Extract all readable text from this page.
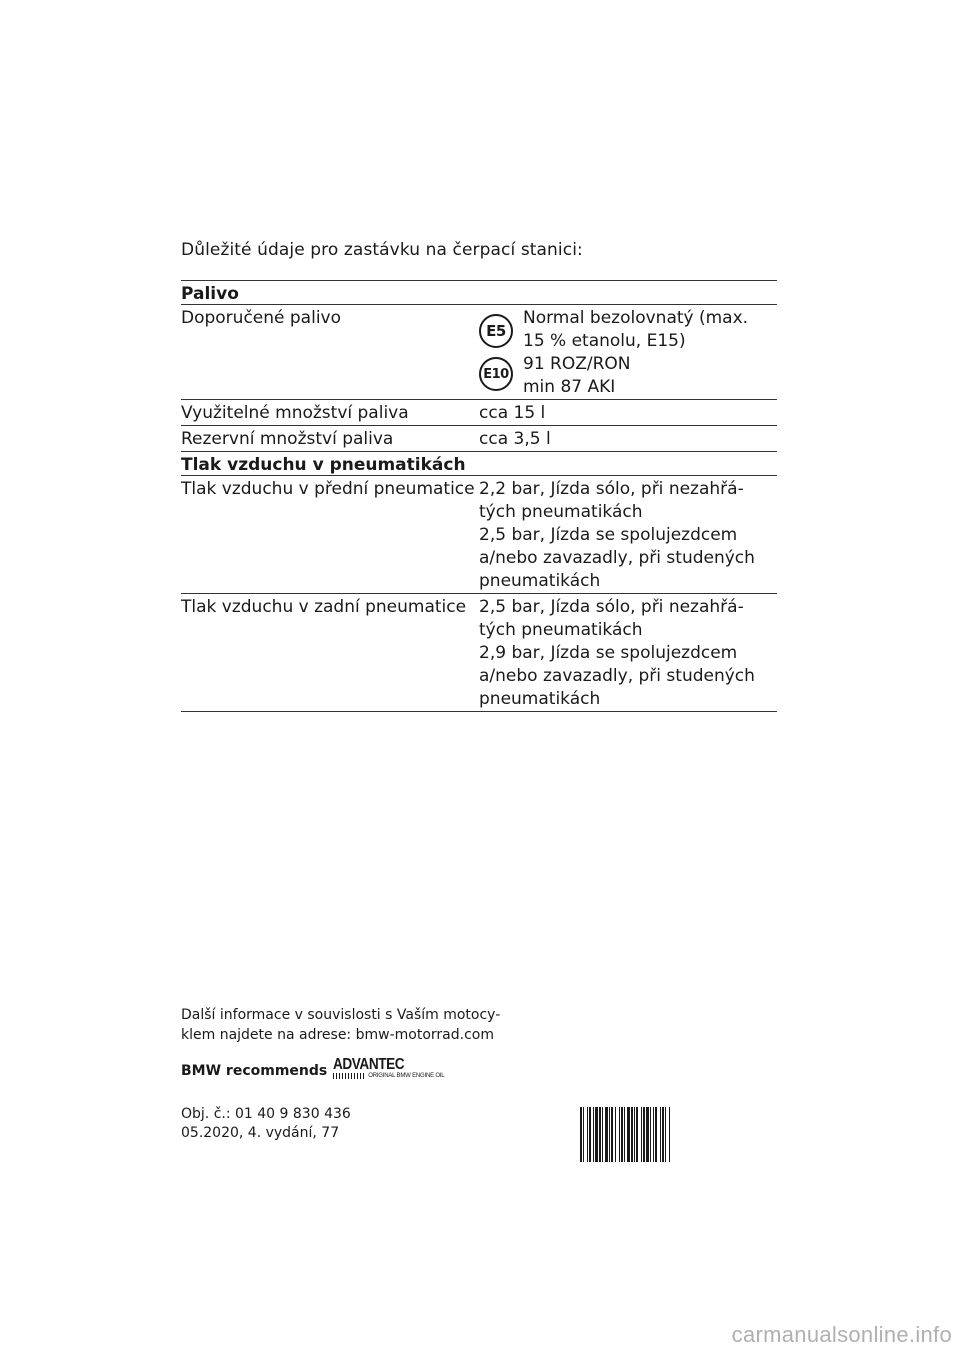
Důležité údaje pro zastávku na čerpací stanici:
Palivo
Doporučené palivo
E5
E10
Normal bezolovnatý (max.
15 % etanolu, E15)
91 ROZ/RON
min 87 AKI
Využitelné množství paliva	cca 15 l
Rezervní množství paliva	cca 3,5 l
Tlak vzduchu v pneumatikách
Tlak vzduchu v přední pneumatice 2,2 bar, Jízda sólo, při nezahřá-
tých pneumatikách
2,5 bar, Jízda se spolujezdcem
a/nebo zavazadly, při studených
pneumatikách
Tlak vzduchu v zadní pneumatice 2,5 bar, Jízda sólo, při nezahřá-
tých pneumatikách
2,9 bar, Jízda se spolujezdcem
a/nebo zavazadly, při studených
pneumatikách
Další informace v souvislosti s Vaším motocy-
klem najdete na adrese: bmw-motorrad.com
BMW recommends ADVANTEC
ORIGINAL BMW ENGINE OIL
Obj. č.: 01 40 9 830 436
05.2020, 4. vydání, 77
carmanualsonline.info
